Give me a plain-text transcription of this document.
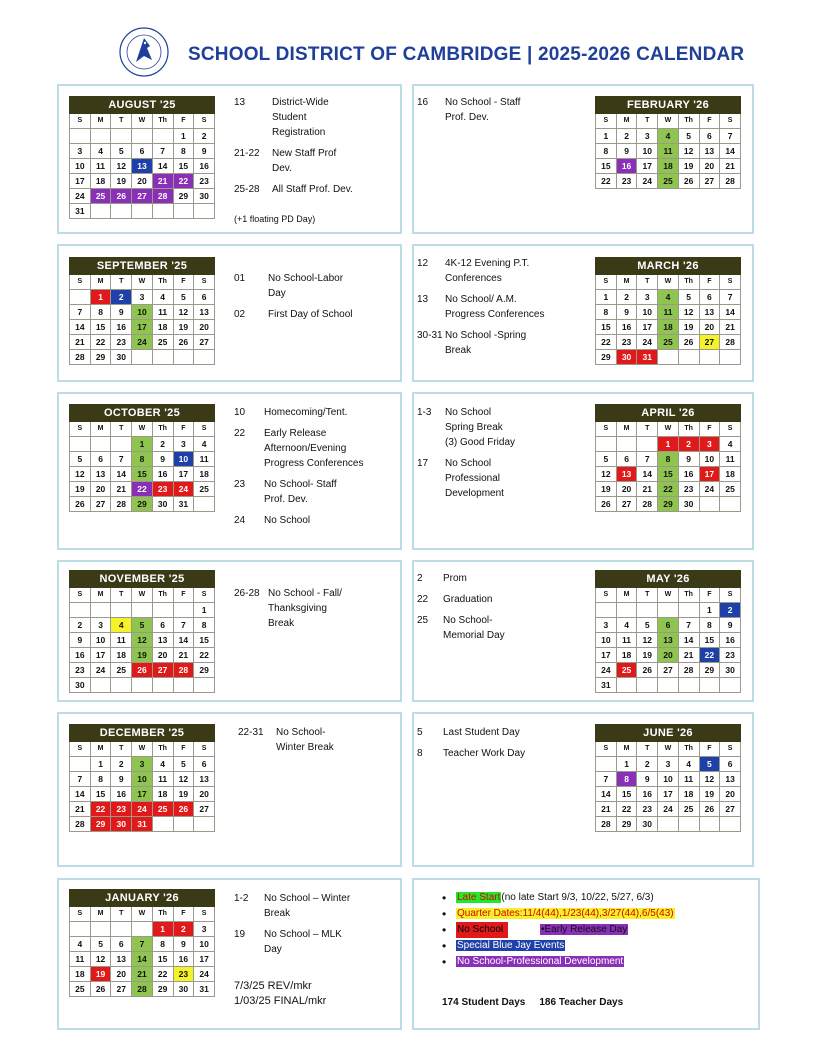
SCHOOL DISTRICT OF CAMBRIDGE | 2025-2026 CALENDAR
AUGUST '25						
S	M	T	W	Th	F	S
					1	2
3	4	5	6	7	8	9
10	11	12	13	14	15	16
17	18	19	20	21	22	23
24	25	26	27	28	29	30
31						
SEPTEMBER '25						
S	M	T	W	Th	F	S
	1	2	3	4	5	6
7	8	9	10	11	12	13
14	15	16	17	18	19	20
21	22	23	24	25	26	27
28	29	30				
OCTOBER '25						
S	M	T	W	Th	F	S
			1	2	3	4
5	6	7	8	9	10	11
12	13	14	15	16	17	18
19	20	21	22	23	24	25
26	27	28	29	30	31	
NOVEMBER '25						
S	M	T	W	Th	F	S
						1
2	3	4	5	6	7	8
9	10	11	12	13	14	15
16	17	18	19	20	21	22
23	24	25	26	27	28	29
30						
DECEMBER '25						
S	M	T	W	Th	F	S
	1	2	3	4	5	6
7	8	9	10	11	12	13
14	15	16	17	18	19	20
21	22	23	24	25	26	27
28	29	30	31			
JANUARY '26						
S	M	T	W	Th	F	S
				1	2	3
4	5	6	7	8	9	10
11	12	13	14	15	16	17
18	19	20	21	22	23	24
25	26	27	28	29	30	31
FEBRUARY '26						
S	M	T	W	Th	F	S
1	2	3	4	5	6	7
8	9	10	11	12	13	14
15	16	17	18	19	20	21
22	23	24	25	26	27	28
MARCH '26						
S	M	T	W	Th	F	S
1	2	3	4	5	6	7
8	9	10	11	12	13	14
15	16	17	18	19	20	21
22	23	24	25	26	27	28
29	30	31				
APRIL '26						
S	M	T	W	Th	F	S
			1	2	3	4
5	6	7	8	9	10	11
12	13	14	15	16	17	18
19	20	21	22	23	24	25
26	27	28	29	30		
MAY '26						
S	M	T	W	Th	F	S
					1	2
3	4	5	6	7	8	9
10	11	12	13	14	15	16
17	18	19	20	21	22	23
24	25	26	27	28	29	30
31						
JUNE '26						
S	M	T	W	Th	F	S
	1	2	3	4	5	6
7	8	9	10	11	12	13
14	15	16	17	18	19	20
21	22	23	24	25	26	27
28	29	30				
13	District-Wide
Student
Registration
21-22	New Staff Prof
Dev.
25-28	All Staff Prof. Dev.
(+1 floating PD Day)
16	No School - Staff
Prof. Dev.
01	No School-Labor
Day
02	First Day of School
12	4K-12 Evening P.T.
Conferences
13	No School/ A.M.
Progress Conferences
30-31 No School -Spring
Break
10	Homecoming/Tent.
22	Early Release
Afternoon/Evening
Progress Conferences
23	No School- Staff
Prof. Dev.
24	No School
1-3	No School
Spring Break
(3) Good Friday
17	No School
Professional
Development
26-28 No School - Fall/
Thanksgiving
Break
2	Prom
22	Graduation
25	No School-
Memorial Day
22-31	No School-
Winter Break
5	Last Student Day
8	Teacher Work Day
1-2	No School – Winter
Break
19	No School – MLK
Day
7/3/25 REV/mkr
1/03/25 FINAL/mkr
• Late Start(no late Start 9/3, 10/22, 5/27, 6/3)
• Quarter Dates:11/4(44),1/23(44),3/27(44),6/5(43)
• No School	•Early Release Day
• Special Blue Jay Events
• No School-Professional Development
174 Student Days 186 Teacher Days
